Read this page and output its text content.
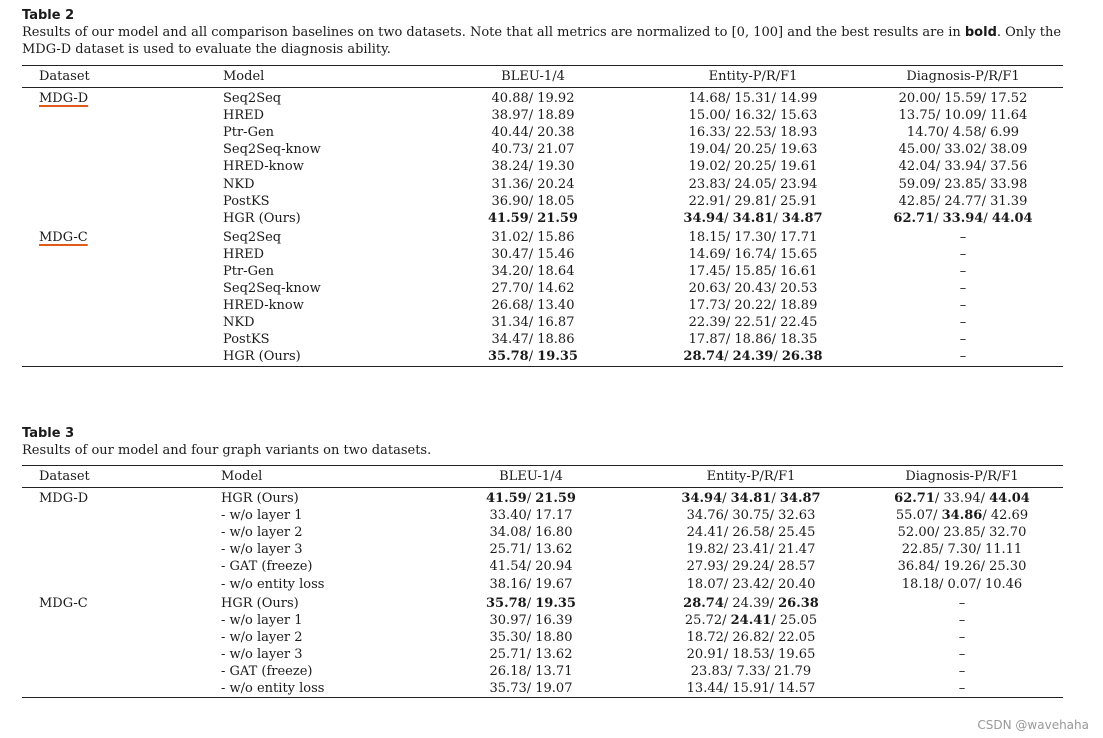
Table 2
Results of our model and all comparison baselines on two datasets. Note that all metrics are normalized to [0, 100] and the best results are in bold. Only the MDG-D dataset is used to evaluate the diagnosis ability.
Dataset	Model	BLEU-1/4	Entity-P/R/F1	Diagnosis-P/R/F1
MDG-D	Seq2Seq	40.88/ 19.92	14.68/ 15.31/ 14.99	20.00/ 15.59/ 17.52
	HRED	38.97/ 18.89	15.00/ 16.32/ 15.63	13.75/ 10.09/ 11.64
	Ptr-Gen	40.44/ 20.38	16.33/ 22.53/ 18.93	14.70/ 4.58/ 6.99
	Seq2Seq-know	40.73/ 21.07	19.04/ 20.25/ 19.63	45.00/ 33.02/ 38.09
	HRED-know	38.24/ 19.30	19.02/ 20.25/ 19.61	42.04/ 33.94/ 37.56
	NKD	31.36/ 20.24	23.83/ 24.05/ 23.94	59.09/ 23.85/ 33.98
	PostKS	36.90/ 18.05	22.91/ 29.81/ 25.91	42.85/ 24.77/ 31.39
	HGR (Ours)	41.59/ 21.59	34.94/ 34.81/ 34.87	62.71/ 33.94/ 44.04
MDG-C	Seq2Seq	31.02/ 15.86	18.15/ 17.30/ 17.71	–
	HRED	30.47/ 15.46	14.69/ 16.74/ 15.65	–
	Ptr-Gen	34.20/ 18.64	17.45/ 15.85/ 16.61	–
	Seq2Seq-know	27.70/ 14.62	20.63/ 20.43/ 20.53	–
	HRED-know	26.68/ 13.40	17.73/ 20.22/ 18.89	–
	NKD	31.34/ 16.87	22.39/ 22.51/ 22.45	–
	PostKS	34.47/ 18.86	17.87/ 18.86/ 18.35	–
	HGR (Ours)	35.78/ 19.35	28.74/ 24.39/ 26.38	–
Table 3
Results of our model and four graph variants on two datasets.
Dataset	Model	BLEU-1/4	Entity-P/R/F1	Diagnosis-P/R/F1
MDG-D	HGR (Ours)	41.59/ 21.59	34.94/ 34.81/ 34.87	62.71/ 33.94/ 44.04
	- w/o layer 1	33.40/ 17.17	34.76/ 30.75/ 32.63	55.07/ 34.86/ 42.69
	- w/o layer 2	34.08/ 16.80	24.41/ 26.58/ 25.45	52.00/ 23.85/ 32.70
	- w/o layer 3	25.71/ 13.62	19.82/ 23.41/ 21.47	22.85/ 7.30/ 11.11
	- GAT (freeze)	41.54/ 20.94	27.93/ 29.24/ 28.57	36.84/ 19.26/ 25.30
	- w/o entity loss	38.16/ 19.67	18.07/ 23.42/ 20.40	18.18/ 0.07/ 10.46
MDG-C	HGR (Ours)	35.78/ 19.35	28.74/ 24.39/ 26.38	–
	- w/o layer 1	30.97/ 16.39	25.72/ 24.41/ 25.05	–
	- w/o layer 2	35.30/ 18.80	18.72/ 26.82/ 22.05	–
	- w/o layer 3	25.71/ 13.62	20.91/ 18.53/ 19.65	–
	- GAT (freeze)	26.18/ 13.71	23.83/ 7.33/ 21.79	–
	- w/o entity loss	35.73/ 19.07	13.44/ 15.91/ 14.57	–
CSDN @wavehaha
